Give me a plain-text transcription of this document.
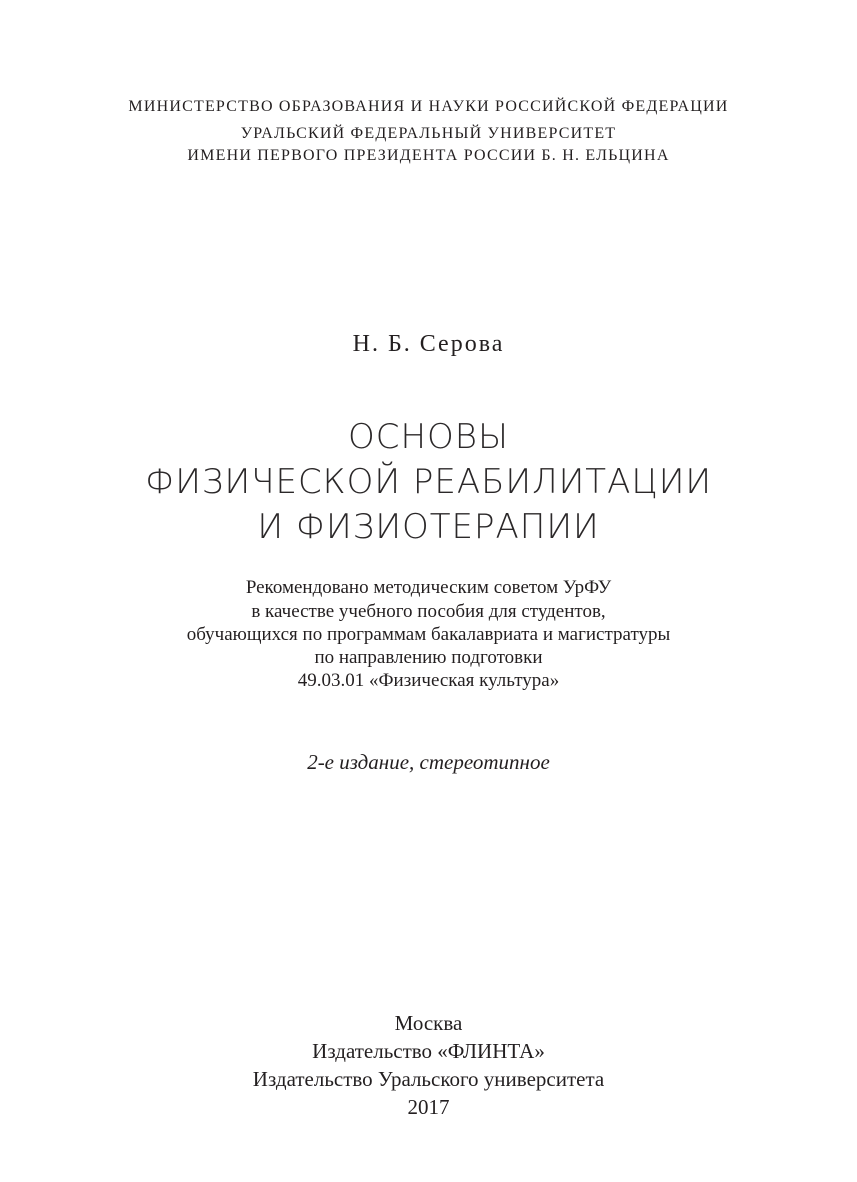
МИНИСТЕРСТВО ОБРАЗОВАНИЯ И НАУКИ РОССИЙСКОЙ ФЕДЕРАЦИИ
УРАЛЬСКИЙ ФЕДЕРАЛЬНЫЙ УНИВЕРСИТЕТ
ИМЕНИ ПЕРВОГО ПРЕЗИДЕНТА РОССИИ Б. Н. ЕЛЬЦИНА
Н. Б. Серова
ОСНОВЫ
ФИЗИЧЕСКОЙ РЕАБИЛИТАЦИИ
И ФИЗИОТЕРАПИИ
Рекомендовано методическим советом УрФУ
в качестве учебного пособия для студентов,
обучающихся по программам бакалавриата и магистратуры
по направлению подготовки
49.03.01 «Физическая культура»
2-е издание, стереотипное
Москва
Издательство «ФЛИНТА»
Издательство Уральского университета
2017
